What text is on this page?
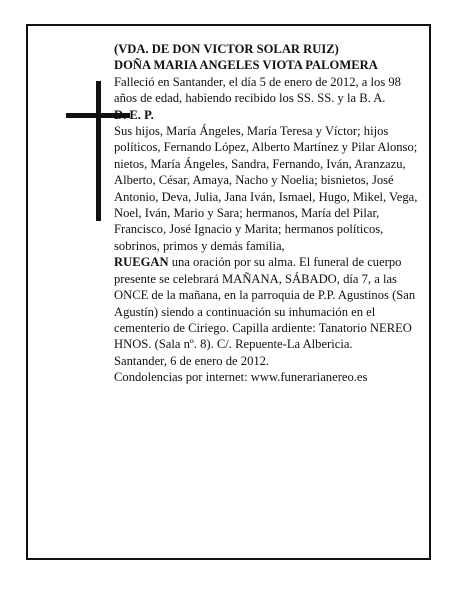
(VDA. DE DON VICTOR SOLAR RUIZ)

DOÑA MARIA ANGELES VIOTA PALOMERA

Falleció en Santander, el día 5 de enero de 2012, a los 98 años de edad, habiendo recibido los SS. SS. y la B. A.

D. E. P.

Sus hijos, María Ángeles, María Teresa y Víctor; hijos políticos, Fernando López, Alberto Martínez y Pilar Alonso; nietos, María Ángeles, Sandra, Fernando, Iván, Aranzazu, Alberto, César, Amaya, Nacho y Noelia; bisnietos, José Antonio, Deva, Julia, Jana Iván, Ismael, Hugo, Mikel, Vega, Noel, Iván, Mario y Sara; hermanos, María del Pilar, Francisco, José Ignacio y Marita; hermanos políticos, sobrinos, primos y demás familia,

RUEGAN una oración por su alma. El funeral de cuerpo presente se celebrará MAÑANA, SÁBADO, día 7, a las ONCE de la mañana, en la parroquia de P.P. Agustinos (San Agustín) siendo a continuación su inhumación en el cementerio de Ciriego. Capilla ardiente: Tanatorio NEREO HNOS. (Sala nº. 8). C/. Repuente-La Albericia.

Santander, 6 de enero de 2012.

Condolencias por internet: www.funerarianereo.es
